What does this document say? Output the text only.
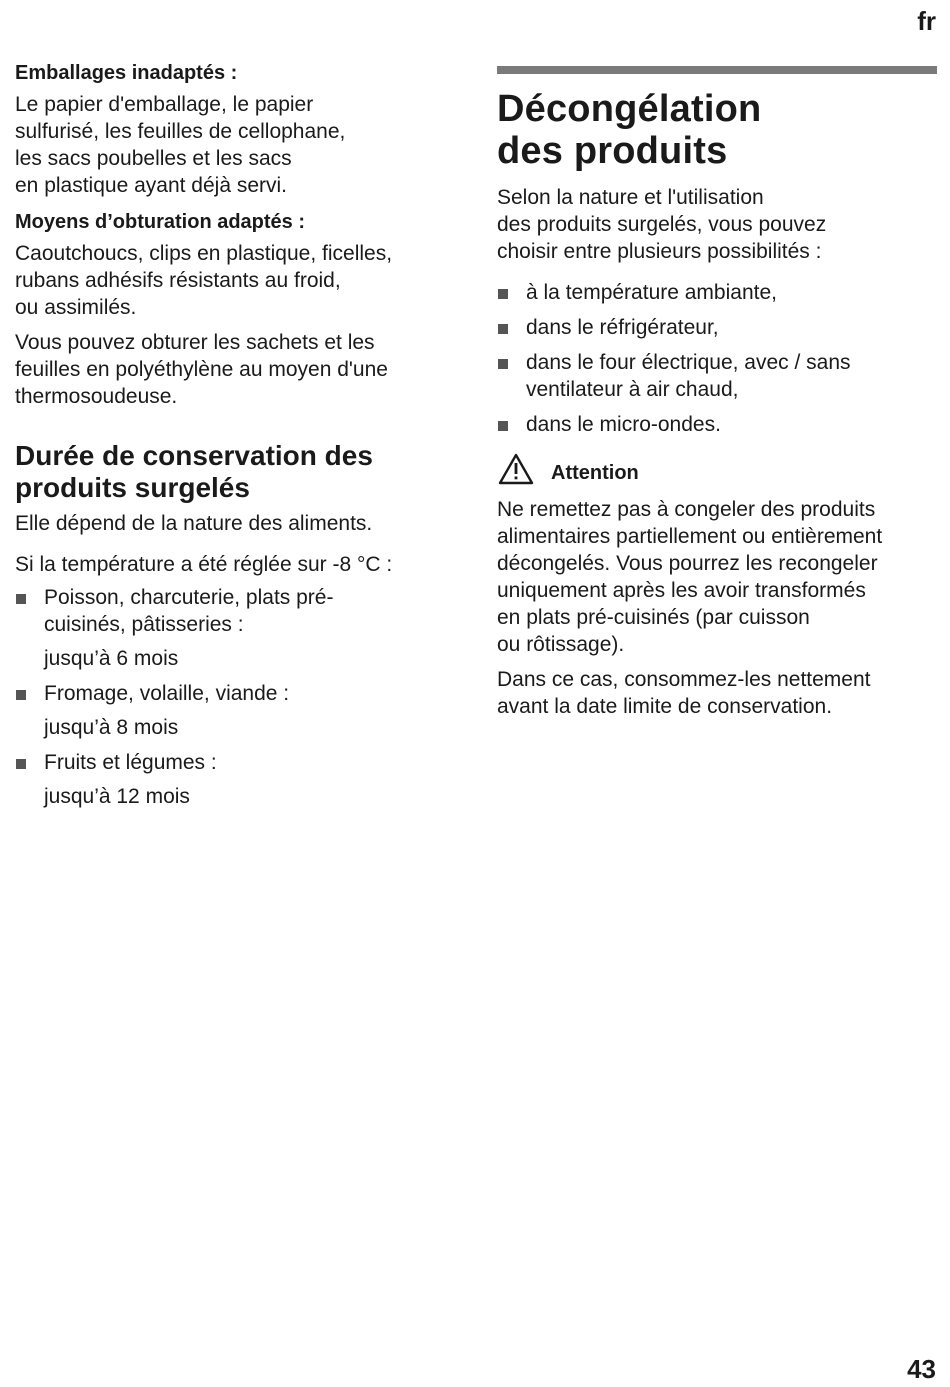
fr
Emballages inadaptés :
Le papier d'emballage, le papier
sulfurisé, les feuilles de cellophane,
les sacs poubelles et les sacs
en plastique ayant déjà servi.
Moyens d’obturation adaptés :
Caoutchoucs, clips en plastique, ficelles,
rubans adhésifs résistants au froid,
ou assimilés.
Vous pouvez obturer les sachets et les
feuilles en polyéthylène au moyen d'une
thermosoudeuse.
Durée de conservation des
produits surgelés
Elle dépend de la nature des aliments.
Si la température a été réglée sur -8 °C :
Poisson, charcuterie, plats pré-
cuisinés, pâtisseries :
jusqu’à 6 mois
Fromage, volaille, viande :
jusqu’à 8 mois
Fruits et légumes :
jusqu’à 12 mois
Décongélation
des produits
Selon la nature et l'utilisation
des produits surgelés, vous pouvez
choisir entre plusieurs possibilités :
à la température ambiante,
dans le réfrigérateur,
dans le four électrique, avec / sans
ventilateur à air chaud,
dans le micro-ondes.
Attention
Ne remettez pas à congeler des produits
alimentaires partiellement ou entièrement
décongelés. Vous pourrez les recongeler
uniquement après les avoir transformés
en plats pré-cuisinés (par cuisson
ou rôtissage).
Dans ce cas, consommez-les nettement
avant la date limite de conservation.
43
